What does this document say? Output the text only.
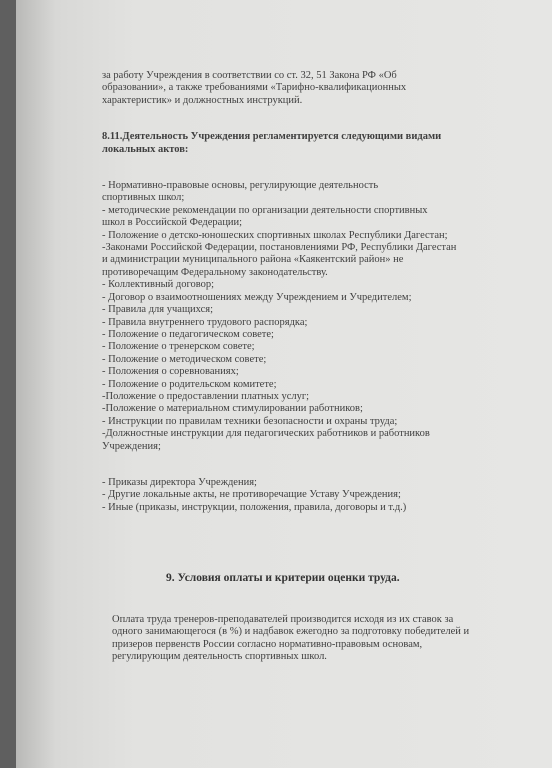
за работу Учреждения в соответствии со ст. 32, 51 Закона РФ «Об
образовании», а также требованиями «Тарифно-квалификационных
характеристик» и должностных инструкций.
8.11.Деятельность Учреждения регламентируется следующими видами
локальных актов:
- Нормативно-правовые основы, регулирующие деятельность
спортивных школ;
- методические рекомендации по организации деятельности спортивных
школ в Российской Федерации;
- Положение о детско-юношеских спортивных школах Республики Дагестан;
-Законами Российской Федерации, постановлениями РФ, Республики Дагестан
и администрации муниципального района «Каякентский район» не
противоречащим Федеральному законодательству.
- Коллективный договор;
- Договор о взаимоотношениях между Учреждением и Учредителем;
- Правила для учащихся;
- Правила внутреннего трудового распорядка;
- Положение о педагогическом совете;
- Положение о тренерском совете;
- Положение о методическом совете;
- Положения о соревнованиях;
- Положение о родительском комитете;
-Положение о предоставлении платных услуг;
-Положение о материальном стимулировании работников;
- Инструкции по правилам техники безопасности и охраны труда;
-Должностные инструкции для педагогических работников и работников
Учреждения;
- Приказы директора Учреждения;
- Другие локальные акты, не противоречащие Уставу Учреждения;
- Иные (приказы, инструкции, положения, правила, договоры и т.д.)
9. Условия оплаты и критерии оценки труда.
Оплата труда тренеров-преподавателей производится исходя из их ставок за
одного занимающегося (в %) и надбавок ежегодно за подготовку победителей и
призеров первенств России согласно нормативно-правовым основам,
регулирующим деятельность спортивных школ.
